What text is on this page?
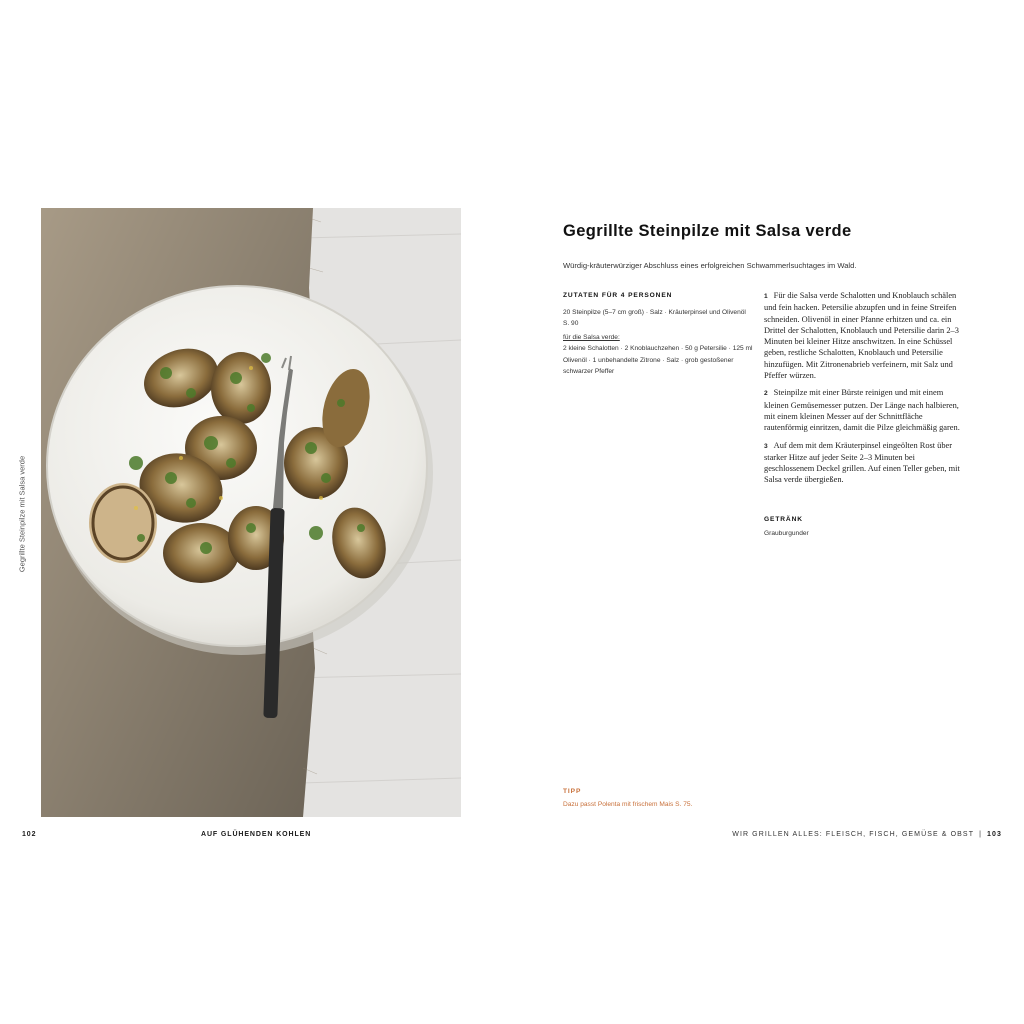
Gegrillte Steinpilze mit Salsa verde
102	AUF GLÜHENDEN KOHLEN
Gegrillte Steinpilze mit Salsa verde

Würdig-kräuterwürziger Abschluss eines erfolgreichen Schwammerlsuchtages im Wald.

ZUTATEN FÜR 4 PERSONEN

20 Steinpilze (5–7 cm groß) · Salz · Kräuterpinsel und Olivenöl S. 90

für die Salsa verde:

2 kleine Schalotten · 2 Knoblauchzehen · 50 g Petersilie · 125 ml Olivenöl · 1 unbehandelte Zitrone · Salz · grob gestoßener schwarzer Pfeffer

1 Für die Salsa verde Schalotten und Knoblauch schälen und fein hacken. Petersilie abzupfen und in feine Streifen schneiden. Olivenöl in einer Pfanne erhitzen und ca. ein Drittel der Schalotten, Knoblauch und Petersilie darin 2–3 Minuten bei kleiner Hitze anschwitzen. In eine Schüssel geben, restliche Schalotten, Knoblauch und Petersilie hinzufügen. Mit Zitronenabrieb verfeinern, mit Salz und Pfeffer würzen.

2 Steinpilze mit einer Bürste reinigen und mit einem kleinen Gemüsemesser putzen. Der Länge nach halbieren, mit einem kleinen Messer auf der Schnittfläche rautenförmig einritzen, damit die Pilze gleichmäßig garen.

3 Auf dem mit dem Kräuterpinsel eingeölten Rost über starker Hitze auf jeder Seite 2–3 Minuten bei geschlossenem Deckel grillen. Auf einen Teller geben, mit Salsa verde übergießen.

GETRÄNK
Grauburgunder
TIPP

Dazu passt Polenta mit frischem Mais S. 75.

WIR GRILLEN ALLES: FLEISCH, FISCH, GEMÜSE & OBST | 103
